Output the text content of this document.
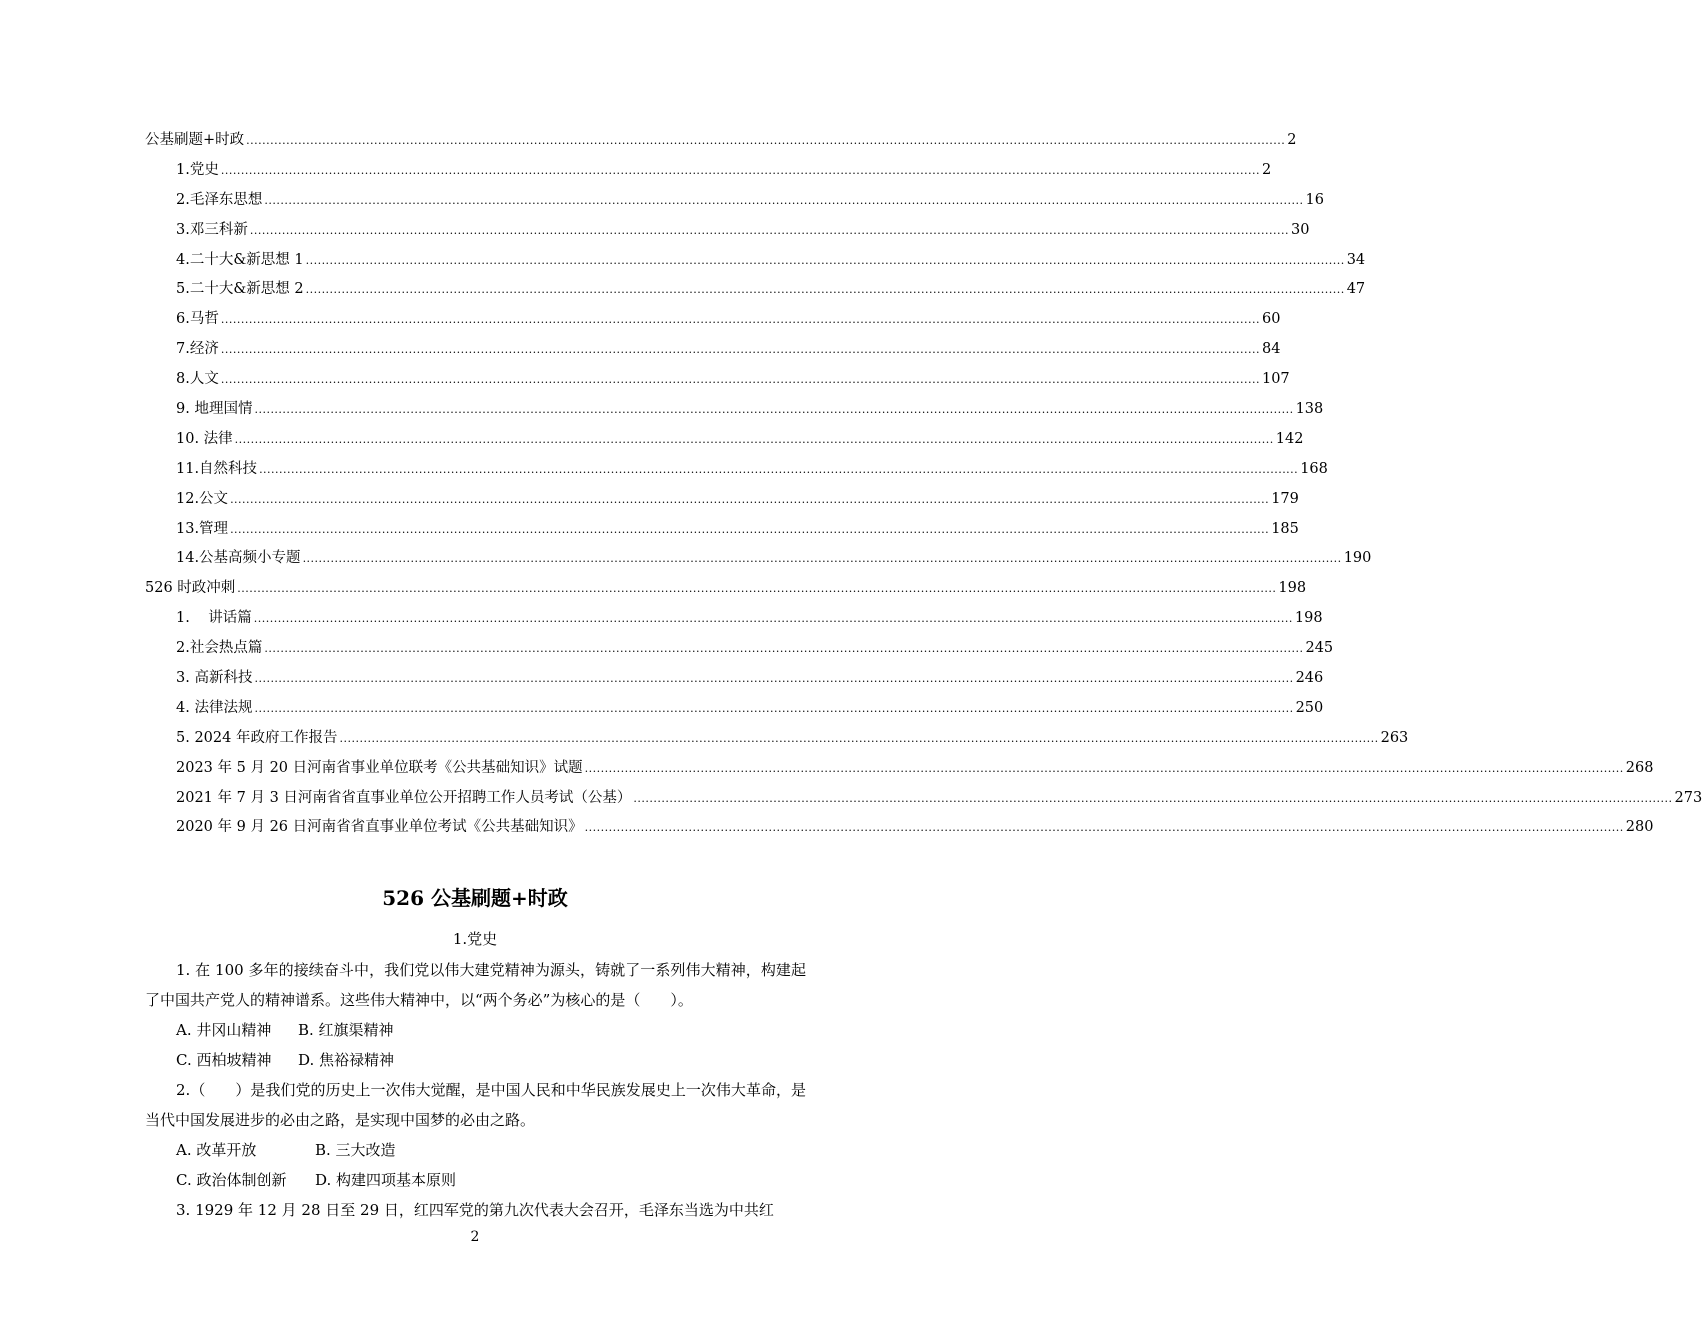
公基刷题+时政 .................................................................................................................................................................................................................................................................... 2
1.党史 .................................................................................................................................................................................................................................................................... 2
2.毛泽东思想 .................................................................................................................................................................................................................................................................... 16
3.邓三科新 .................................................................................................................................................................................................................................................................... 30
4.二十大&新思想 1 .................................................................................................................................................................................................................................................................... 34
5.二十大&新思想 2 .................................................................................................................................................................................................................................................................... 47
6.马哲 .................................................................................................................................................................................................................................................................... 60
7.经济 .................................................................................................................................................................................................................................................................... 84
8.人文 .................................................................................................................................................................................................................................................................... 107
9. 地理国情 .................................................................................................................................................................................................................................................................... 138
10. 法律 .................................................................................................................................................................................................................................................................... 142
11.自然科技 .................................................................................................................................................................................................................................................................... 168
12.公文 .................................................................................................................................................................................................................................................................... 179
13.管理 .................................................................................................................................................................................................................................................................... 185
14.公基高频小专题 .................................................................................................................................................................................................................................................................... 190
526 时政冲刺 .................................................................................................................................................................................................................................................................... 198
1.    讲话篇 .................................................................................................................................................................................................................................................................... 198
2.社会热点篇 .................................................................................................................................................................................................................................................................... 245
3. 高新科技 .................................................................................................................................................................................................................................................................... 246
4. 法律法规 .................................................................................................................................................................................................................................................................... 250
5. 2024 年政府工作报告 .................................................................................................................................................................................................................................................................... 263
2023 年 5 月 20 日河南省事业单位联考《公共基础知识》试题 .................................................................................................................................................................................................................................................................... 268
2021 年 7 月 3 日河南省省直事业单位公开招聘工作人员考试（公基） .................................................................................................................................................................................................................................................................... 273
2020 年 9 月 26 日河南省省直事业单位考试《公共基础知识》 .................................................................................................................................................................................................................................................................... 280
526 公基刷题+时政
1.党史

1. 在 100 多年的接续奋斗中，我们党以伟大建党精神为源头，铸就了一系列伟大精神，构建起了中国共产党人的精神谱系。这些伟大精神中，以“两个务必”为核心的是（　　）。

A. 井冈山精神	B. 红旗渠精神
C. 西柏坡精神	D. 焦裕禄精神

2.（　　）是我们党的历史上一次伟大觉醒，是中国人民和中华民族发展史上一次伟大革命，是当代中国发展进步的必由之路，是实现中国梦的必由之路。

A. 改革开放	B. 三大改造
C. 政治体制创新	D. 构建四项基本原则

3. 1929 年 12 月 28 日至 29 日，红四军党的第九次代表大会召开，毛泽东当选为中共红

2
